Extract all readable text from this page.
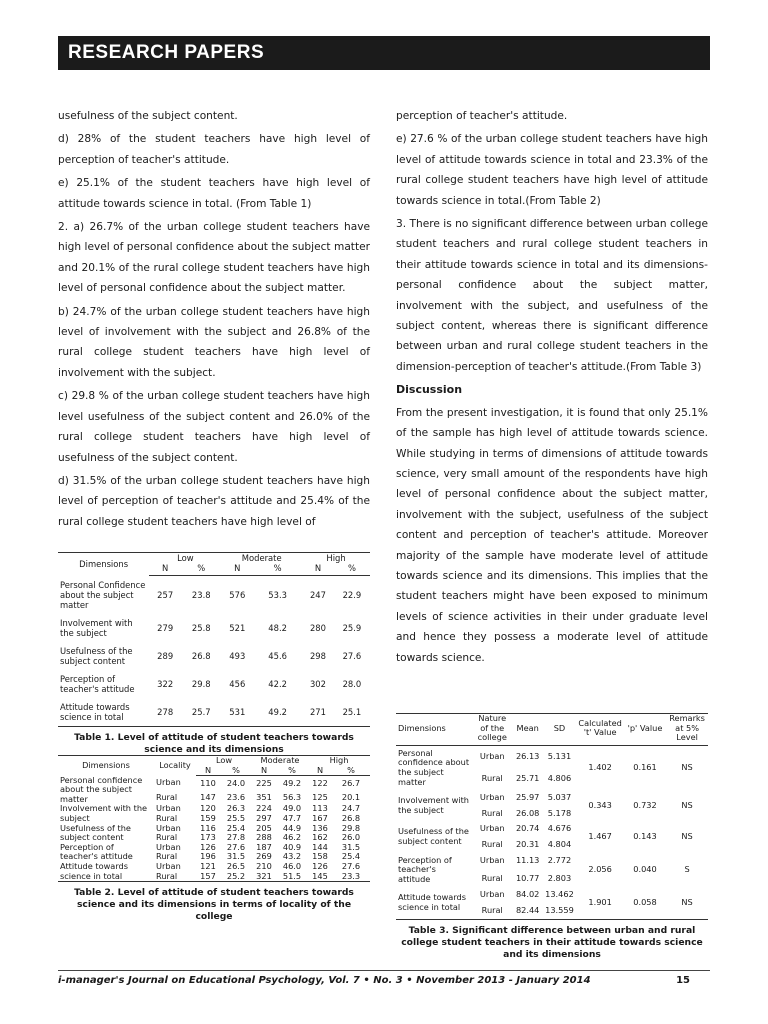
RESEARCH PAPERS

usefulness of the subject content.

d) 28% of the student teachers have high level of perception of teacher's attitude.

e) 25.1% of the student teachers have high level of attitude towards science in total. (From Table 1)

2. a) 26.7% of the urban college student teachers have high level of personal confidence about the subject matter and 20.1% of the rural college student teachers have high level of personal confidence about the subject matter.

b) 24.7% of the urban college student teachers have high level of involvement with the subject and 26.8% of the rural college student teachers have high level of involvement with the subject.

c) 29.8 % of the urban college student teachers have high level usefulness of the subject content and 26.0% of the rural college student teachers have high level of usefulness of the subject content.

d) 31.5% of the urban college student teachers have high level of perception of teacher's attitude and 25.4% of the rural college student teachers have high level of

perception of teacher's attitude.

e) 27.6 % of the urban college student teachers have high level of attitude towards science in total and 23.3% of the rural college student teachers have high level of attitude towards science in total.(From Table 2)

3. There is no significant difference between urban college student teachers and rural college student teachers in their attitude towards science in total and its dimensions-personal confidence about the subject matter, involvement with the subject, and usefulness of the subject content, whereas there is significant difference between urban and rural college student teachers in the dimension-perception of teacher's attitude.(From Table 3)

Discussion

From the present investigation, it is found that only 25.1% of the sample has high level of attitude towards science. While studying in terms of dimensions of attitude towards science, very small amount of the respondents have high level of personal confidence about the subject matter, involvement with the subject, usefulness of the subject content and perception of teacher's attitude. Moreover majority of the sample have moderate level of attitude towards science and its dimensions. This implies that the student teachers might have been exposed to minimum levels of science activities in their under graduate level and hence they possess a moderate level of attitude towards science.

Dimensions	Low		Moderate		High	
	N	%	N	%	N	%
Personal Confidence about the subject matter	257	23.8	576	53.3	247	22.9
Involvement with the subject	279	25.8	521	48.2	280	25.9
Usefulness of the subject content	289	26.8	493	45.6	298	27.6
Perception of teacher's attitude	322	29.8	456	42.2	302	28.0
Attitude towards science in total	278	25.7	531	49.2	271	25.1
Table 1. Level of attitude of student teachers towards science and its dimensions
Dimensions	Locality	Low		Moderate		High	
		N	%	N	%	N	%
Personal confidence about the subject matter	Urban	110	24.0	225	49.2	122	26.7
	Rural	147	23.6	351	56.3	125	20.1
Involvement with the subject	Urban	120	26.3	224	49.0	113	24.7
	Rural	159	25.5	297	47.7	167	26.8
Usefulness of the subject content	Urban	116	25.4	205	44.9	136	29.8
	Rural	173	27.8	288	46.2	162	26.0
Perception of teacher's attitude	Urban	126	27.6	187	40.9	144	31.5
	Rural	196	31.5	269	43.2	158	25.4
Attitude towards science in total	Urban	121	26.5	210	46.0	126	27.6
	Rural	157	25.2	321	51.5	145	23.3
Table 2. Level of attitude of student teachers towards science and its dimensions in terms of locality of the college
Dimensions	Nature of the college	Mean	SD	Calculated 't' Value	'p' Value	Remarks at 5% Level
Personal confidence about the subject matter	Urban	26.13	5.131	1.402	0.161	NS
	Rural	25.71	4.806			
Involvement with the subject	Urban	25.97	5.037	0.343	0.732	NS
	Rural	26.08	5.178			
Usefulness of the subject content	Urban	20.74	4.676	1.467	0.143	NS
	Rural	20.31	4.804			
Perception of teacher's attitude	Urban	11.13	2.772	2.056	0.040	S
	Rural	10.77	2.803			
Attitude towards science in total	Urban	84.02	13.462	1.901	0.058	NS
	Rural	82.44	13.559			
Table 3. Significant difference between urban and rural college student teachers in their attitude towards science and its dimensions
i-manager's Journal on Educational Psychology, Vol. 7 • No. 3 • November 2013 - January 2014	15
